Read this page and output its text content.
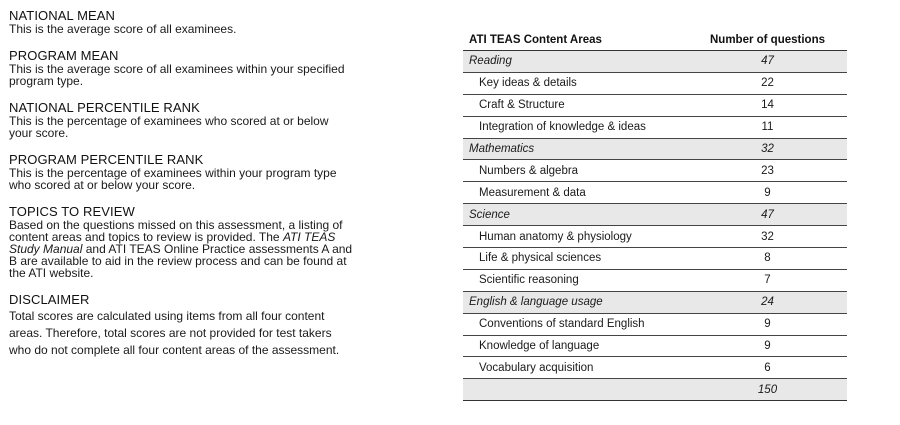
NATIONAL MEAN
This is the average score of all examinees.
PROGRAM MEAN
This is the average score of all examinees within your specified
program type.
NATIONAL PERCENTILE RANK
This is the percentage of examinees who scored at or below
your score.
PROGRAM PERCENTILE RANK
This is the percentage of examinees within your program type
who scored at or below your score.
TOPICS TO REVIEW
Based on the questions missed on this assessment, a listing of
content areas and topics to review is provided. The ATI TEAS
Study Manual and ATI TEAS Online Practice assessments A and
B are available to aid in the review process and can be found at
the ATI website.
DISCLAIMER
Total scores are calculated using items from all four content
areas. Therefore, total scores are not provided for test takers
who do not complete all four content areas of the assessment.
ATI TEAS Content Areas	Number of questions
Reading	47
Key ideas & details	22
Craft & Structure	14
Integration of knowledge & ideas	11
Mathematics	32
Numbers & algebra	23
Measurement & data	9
Science	47
Human anatomy & physiology	32
Life & physical sciences	8
Scientific reasoning	7
English & language usage	24
Conventions of standard English	9
Knowledge of language	9
Vocabulary acquisition	6
	150
